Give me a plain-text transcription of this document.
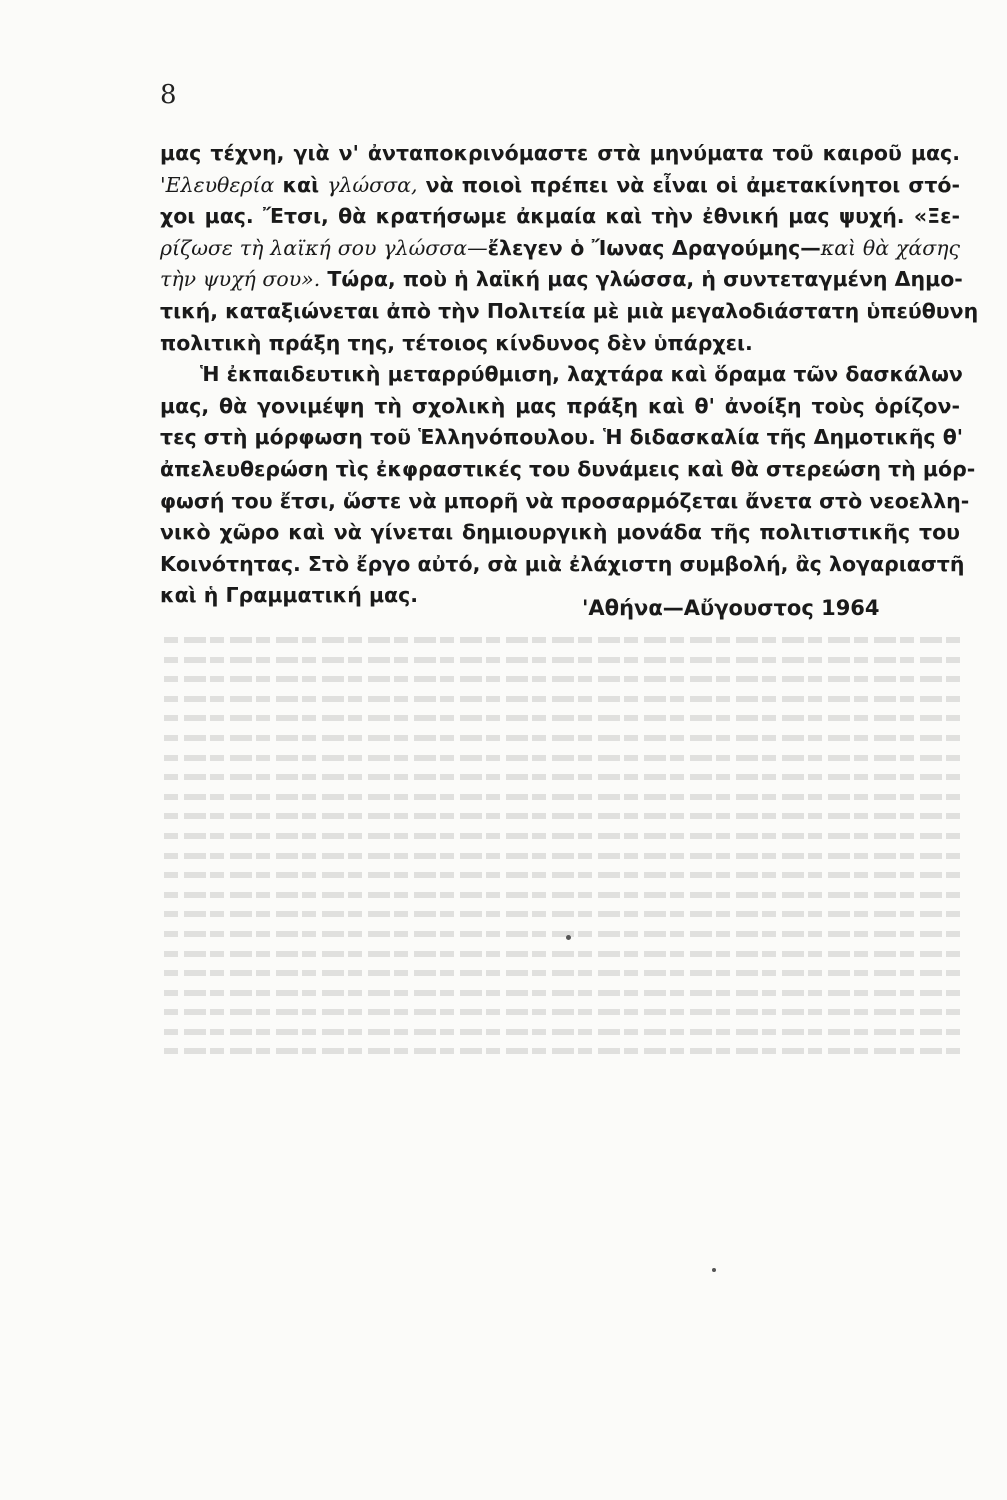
8
μας τέχνη, γιὰ ν' ἀνταποκρινόμαστε στὰ μηνύματα τοῦ καιροῦ μας.
'Ελευθερία καὶ γλώσσα, νὰ ποιοὶ πρέπει νὰ εἶναι οἱ ἀμετακίνητοι στό-
χοι μας. Ἔτσι, θὰ κρατήσωμε ἀκμαία καὶ τὴν ἐθνική μας ψυχή. «Ξε-
ρίζωσε τὴ λαϊκή σου γλώσσα—ἔλεγεν ὁ Ἴωνας Δραγούμης—καὶ θὰ χάσης
τὴν ψυχή σου». Τώρα, ποὺ ἡ λαϊκή μας γλώσσα, ἡ συντεταγμένη Δημο-
τική, καταξιώνεται ἀπὸ τὴν Πολιτεία μὲ μιὰ μεγαλοδιάστατη ὑπεύθυνη
πολιτικὴ πράξη της, τέτοιος κίνδυνος δὲν ὑπάρχει.
Ἡ ἐκπαιδευτικὴ μεταρρύθμιση, λαχτάρα καὶ ὅραμα τῶν δασκάλων
μας, θὰ γονιμέψη τὴ σχολικὴ μας πράξη καὶ θ' ἀνοίξη τοὺς ὁρίζον-
τες στὴ μόρφωση τοῦ Ἑλληνόπουλου. Ἡ διδασκαλία τῆς Δημοτικῆς θ'
ἀπελευθερώση τὶς ἐκφραστικές του δυνάμεις καὶ θὰ στερεώση τὴ μόρ-
φωσή του ἔτσι, ὥστε νὰ μπορῆ νὰ προσαρμόζεται ἄνετα στὸ νεοελλη-
νικὸ χῶρο καὶ νὰ γίνεται δημιουργικὴ μονάδα τῆς πολιτιστικῆς του
Κοινότητας. Στὸ ἔργο αὐτό, σὰ μιὰ ἐλάχιστη συμβολή, ἂς λογαριαστῆ
καὶ ἡ Γραμματική μας.
'Αθήνα—Αὔγουστος 1964
